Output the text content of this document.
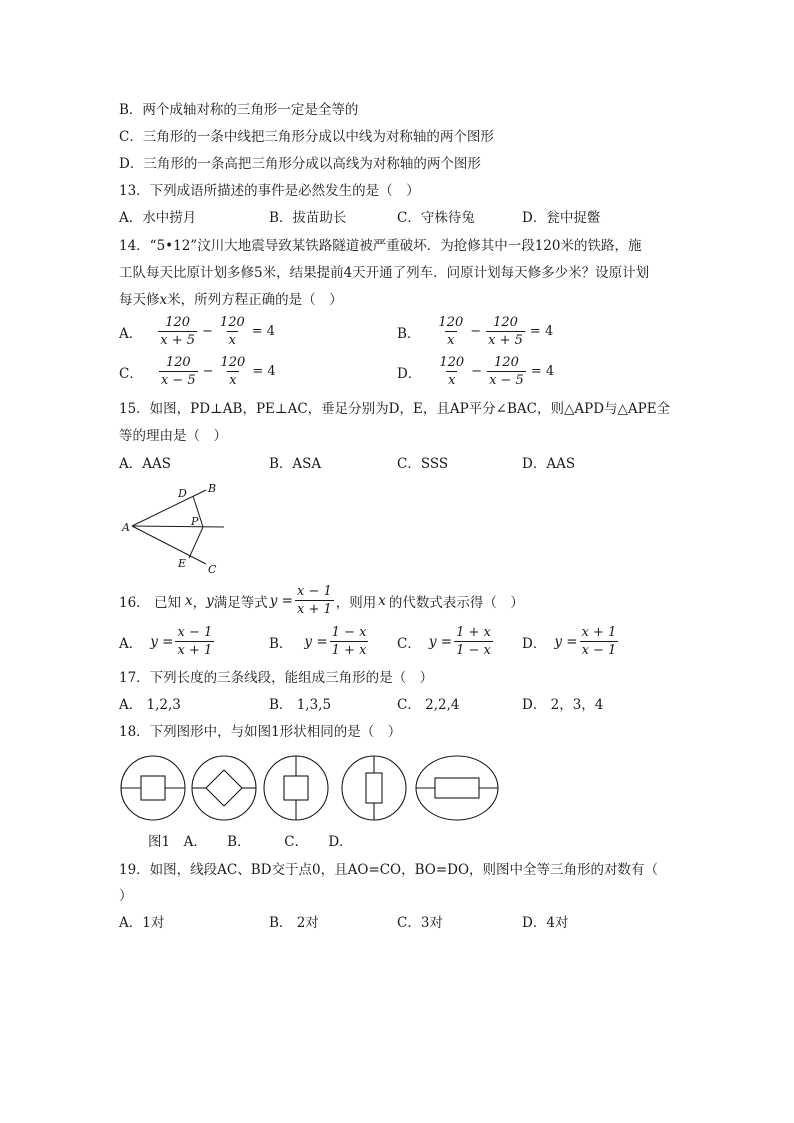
B．两个成轴对称的三角形一定是全等的
C．三角形的一条中线把三角形分成以中线为对称轴的两个图形
D．三角形的一条高把三角形分成以高线为对称轴的两个图形
13．下列成语所描述的事件是必然发生的是（　）
A．水中捞月	B．拔苗助长	C．守株待兔	D．瓮中捉鳖
14．“5•12”汶川大地震导致某铁路隧道被严重破坏．为抢修其中一段120米的铁路，施
工队每天比原计划多修5米，结果提前4天开通了列车．问原计划每天修多少米？设原计划
每天修x米，所列方程正确的是（　）
A． $\frac{120}{x + 5} - \frac{120}{x} = 4$	B． $\frac{120}{x} - \frac{120}{x + 5} = 4$
C． $\frac{120}{x - 5} - \frac{120}{x} = 4$	D． $\frac{120}{x} - \frac{120}{x - 5} = 4$
15．如图，PD⊥AB，PE⊥AC，垂足分别为D，E，且AP平分∠BAC，则△APD与△APE全
等的理由是（　）
A．AAS	B．ASA	C．SSS	D．AAS
A
B
D
P
E C
16． 已知 x ， y 满足等式 $y = \frac{x - 1}{x + 1}$ ，则用 x 的代数式表示得（　）
A． $y = \frac{x - 1}{x + 1}$	B． $y = \frac{1 - x}{1 + x}$ C． $y = \frac{1 + x}{1 - x}$ D． $y = \frac{x + 1}{x - 1}$
17．下列长度的三条线段，能组成三角形的是（　）
A． 1,2,3	B． 1,3,5	C． 2,2,4	D． 2，3，4
18．下列图形中，与如图1形状相同的是（　）
图1　A．　　B．　　　C．　　D．
19．如图，线段AC、BD交于点0，且AO=CO，BO=DO，则图中全等三角形的对数有（
）
A．1对	B． 2对	C．3对	D．4对
